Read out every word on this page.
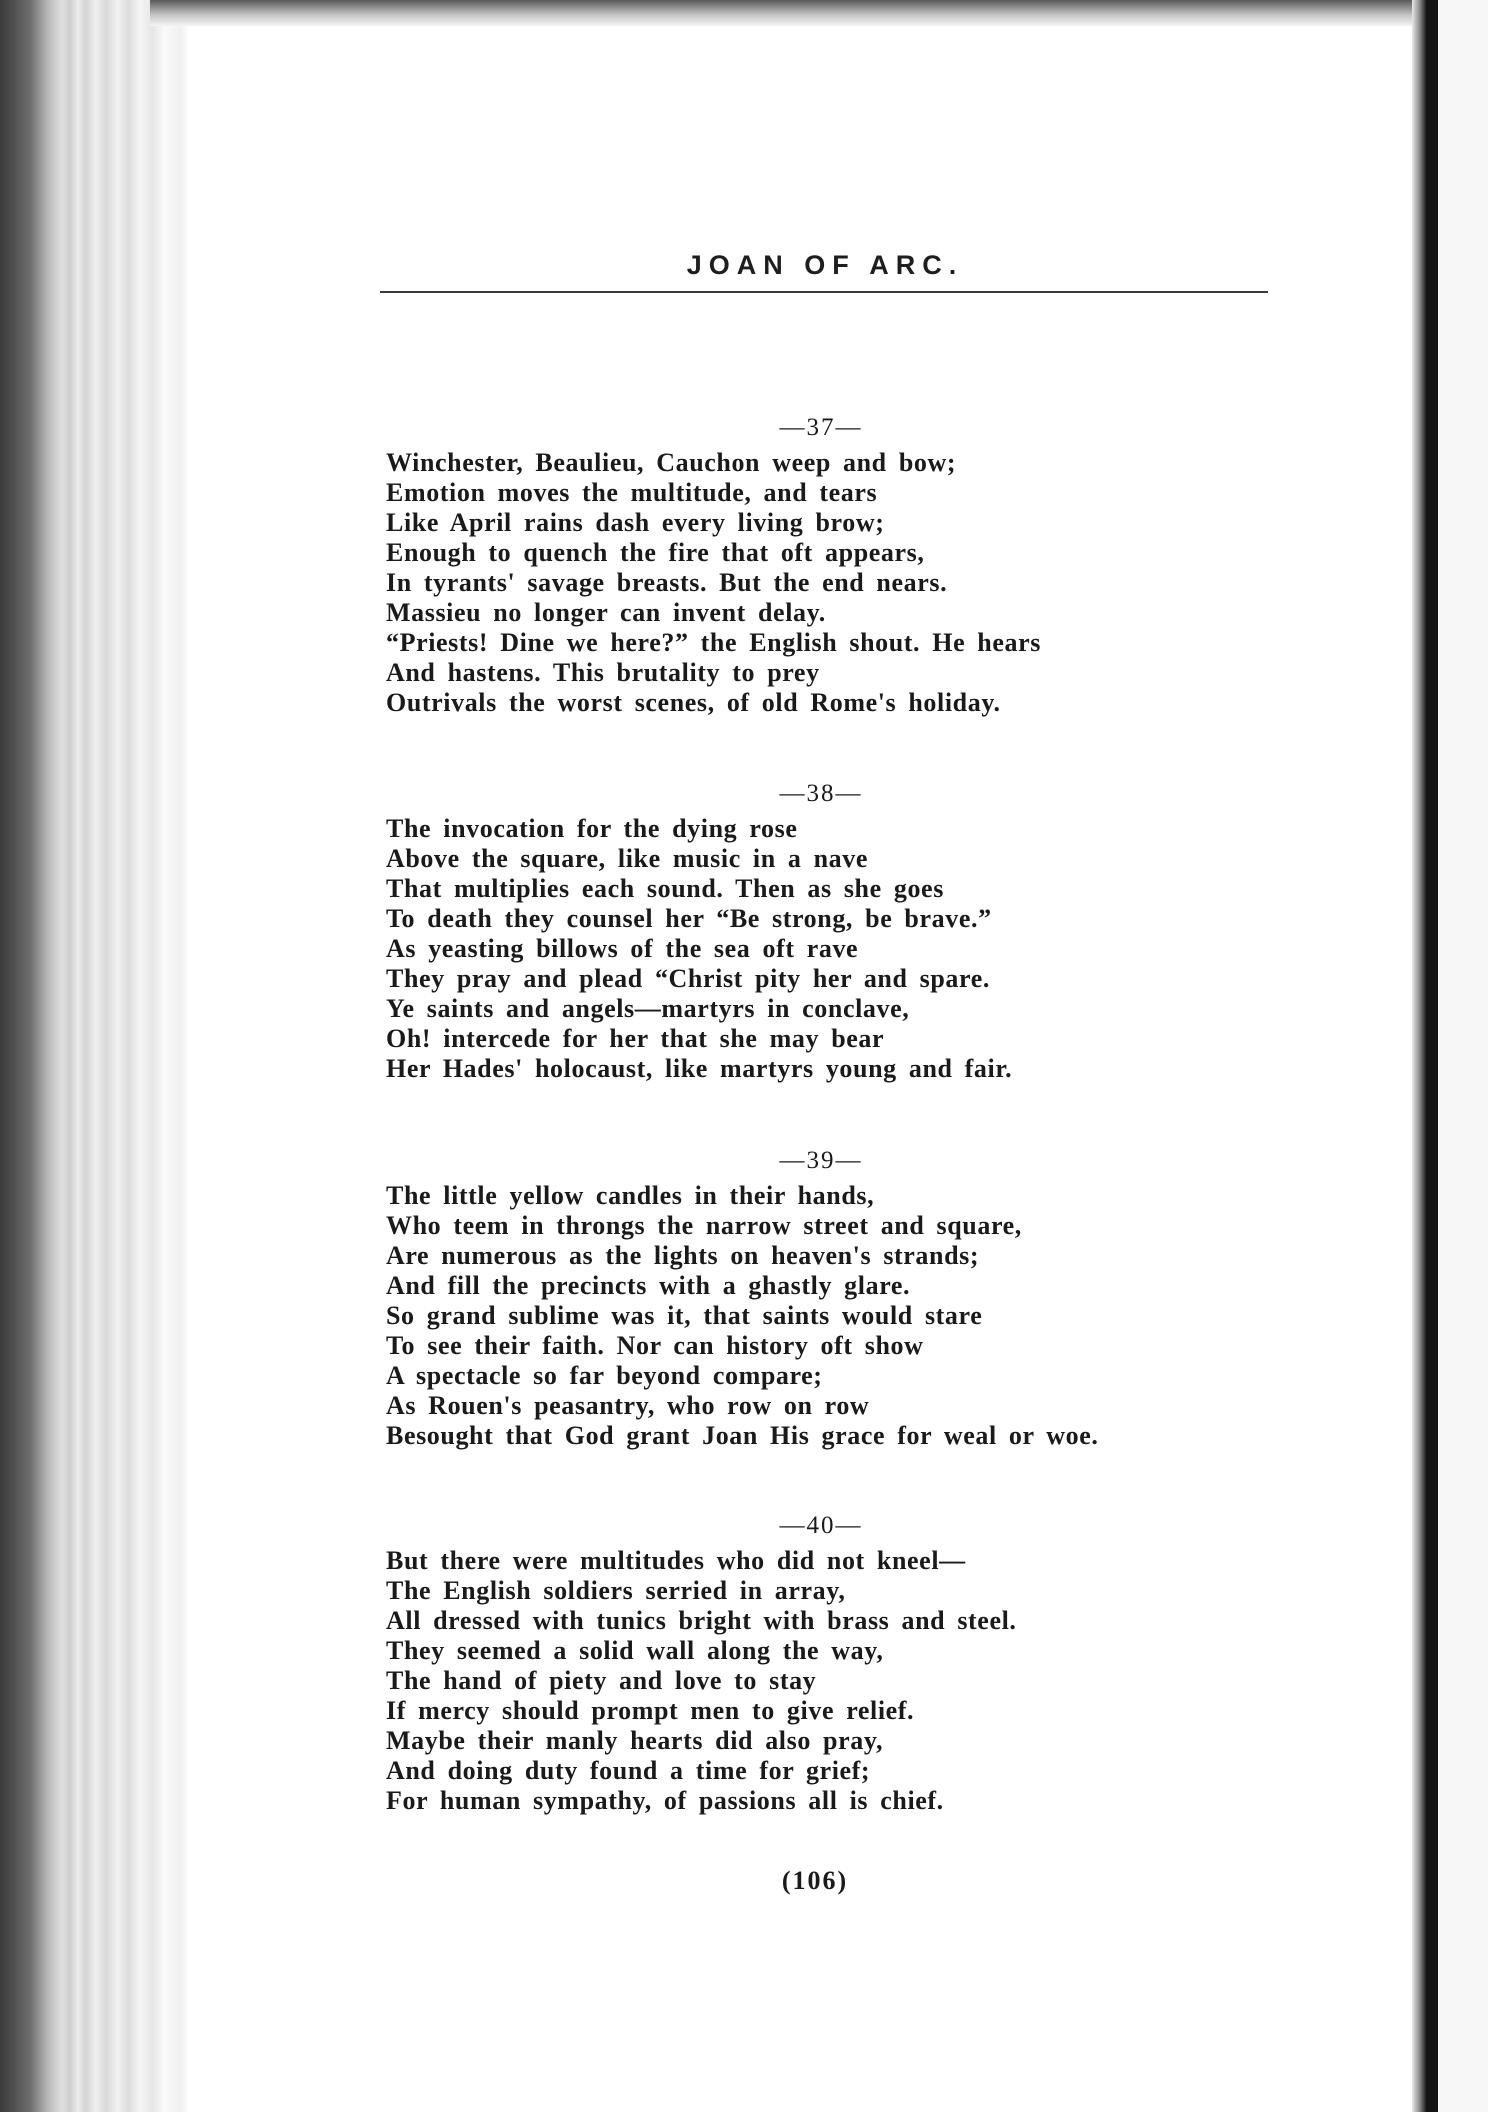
JOAN OF ARC.
—37—
Winchester, Beaulieu, Cauchon weep and bow;
Emotion moves the multitude, and tears
Like April rains dash every living brow;
Enough to quench the fire that oft appears,
In tyrants' savage breasts. But the end nears.
Massieu no longer can invent delay.
“Priests! Dine we here?” the English shout. He hears
And hastens. This brutality to prey
Outrivals the worst scenes, of old Rome's holiday.
—38—
The invocation for the dying rose
Above the square, like music in a nave
That multiplies each sound. Then as she goes
To death they counsel her “Be strong, be brave.”
As yeasting billows of the sea oft rave
They pray and plead “Christ pity her and spare.
Ye saints and angels—martyrs in conclave,
Oh! intercede for her that she may bear
Her Hades' holocaust, like martyrs young and fair.
—39—
The little yellow candles in their hands,
Who teem in throngs the narrow street and square,
Are numerous as the lights on heaven's strands;
And fill the precincts with a ghastly glare.
So grand sublime was it, that saints would stare
To see their faith. Nor can history oft show
A spectacle so far beyond compare;
As Rouen's peasantry, who row on row
Besought that God grant Joan His grace for weal or woe.
—40—
But there were multitudes who did not kneel—
The English soldiers serried in array,
All dressed with tunics bright with brass and steel.
They seemed a solid wall along the way,
The hand of piety and love to stay
If mercy should prompt men to give relief.
Maybe their manly hearts did also pray,
And doing duty found a time for grief;
For human sympathy, of passions all is chief.
(106)
